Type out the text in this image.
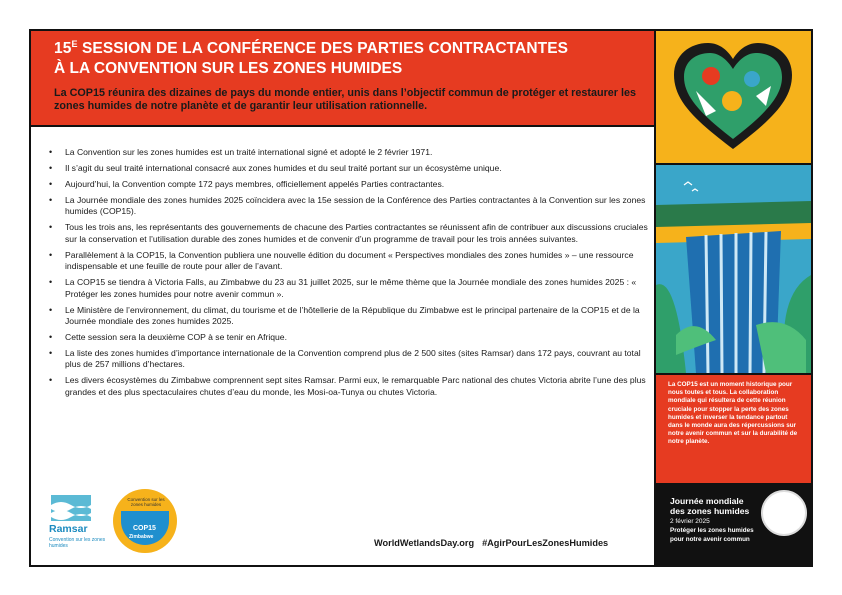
$15^E$ SESSION DE LA CONFÉRENCE DES PARTIES CONTRACTANTES
À LA CONVENTION SUR LES ZONES HUMIDES
La COP15 réunira des dizaines de pays du monde entier, unis dans l’objectif commun de protéger et restaurer les zones humides de notre planète et de garantir leur utilisation rationnelle.
• La Convention sur les zones humides est un traité international signé et adopté le 2 février 1971.
• Il s’agit du seul traité international consacré aux zones humides et du seul traité portant sur un écosystème unique.
• Aujourd’hui, la Convention compte 172 pays membres, officiellement appelés Parties contractantes.
• La Journée mondiale des zones humides 2025 coïncidera avec la 15e session de la Conférence des Parties contractantes à la Convention sur les zones humides (COP15).
• Tous les trois ans, les représentants des gouvernements de chacune des Parties contractantes se réunissent afin de contribuer aux discussions cruciales sur la conservation et l’utilisation durable des zones humides et de convenir d’un programme de travail pour les trois années suivantes.
• Parallèlement à la COP15, la Convention publiera une nouvelle édition du document « Perspectives mondiales des zones humides » – une ressource indispensable et une feuille de route pour aller de l’avant.
• La COP15 se tiendra à Victoria Falls, au Zimbabwe du 23 au 31 juillet 2025, sur le même thème que la Journée mondiale des zones humides 2025 : « Protéger les zones humides pour notre avenir commun ».
• Le Ministère de l’environnement, du climat, du tourisme et de l’hôtellerie de la République du Zimbabwe est le principal partenaire de la COP15 et de la Journée mondiale des zones humides 2025.
• Cette session sera la deuxième COP à se tenir en Afrique.
• La liste des zones humides d’importance internationale de la Convention comprend plus de 2 500 sites (sites Ramsar) dans 172 pays, couvrant au total plus de 257 millions d’hectares.
• Les divers écosystèmes du Zimbabwe comprennent sept sites Ramsar. Parmi eux, le remarquable Parc national des chutes Victoria abrite l’une des plus grandes et des plus spectaculaires chutes d’eau du monde, les Mosi-oa-Tunya ou chutes Victoria.
Ramsar
Convention sur les zones humides
Convention sur les zones humides
COP15
Zimbabwe
WorldWetlandsDay.org #AgirPourLesZonesHumides

La COP15 est un moment historique pour nous toutes et tous. La collaboration mondiale qui résultera de cette réunion cruciale pour stopper la perte des zones humides et inverser la tendance partout dans le monde aura des répercussions sur notre avenir commun et sur la durabilité de notre planète.

Journée mondiale
des zones humides
2 février 2025
Protéger les zones humides
pour notre avenir commun
